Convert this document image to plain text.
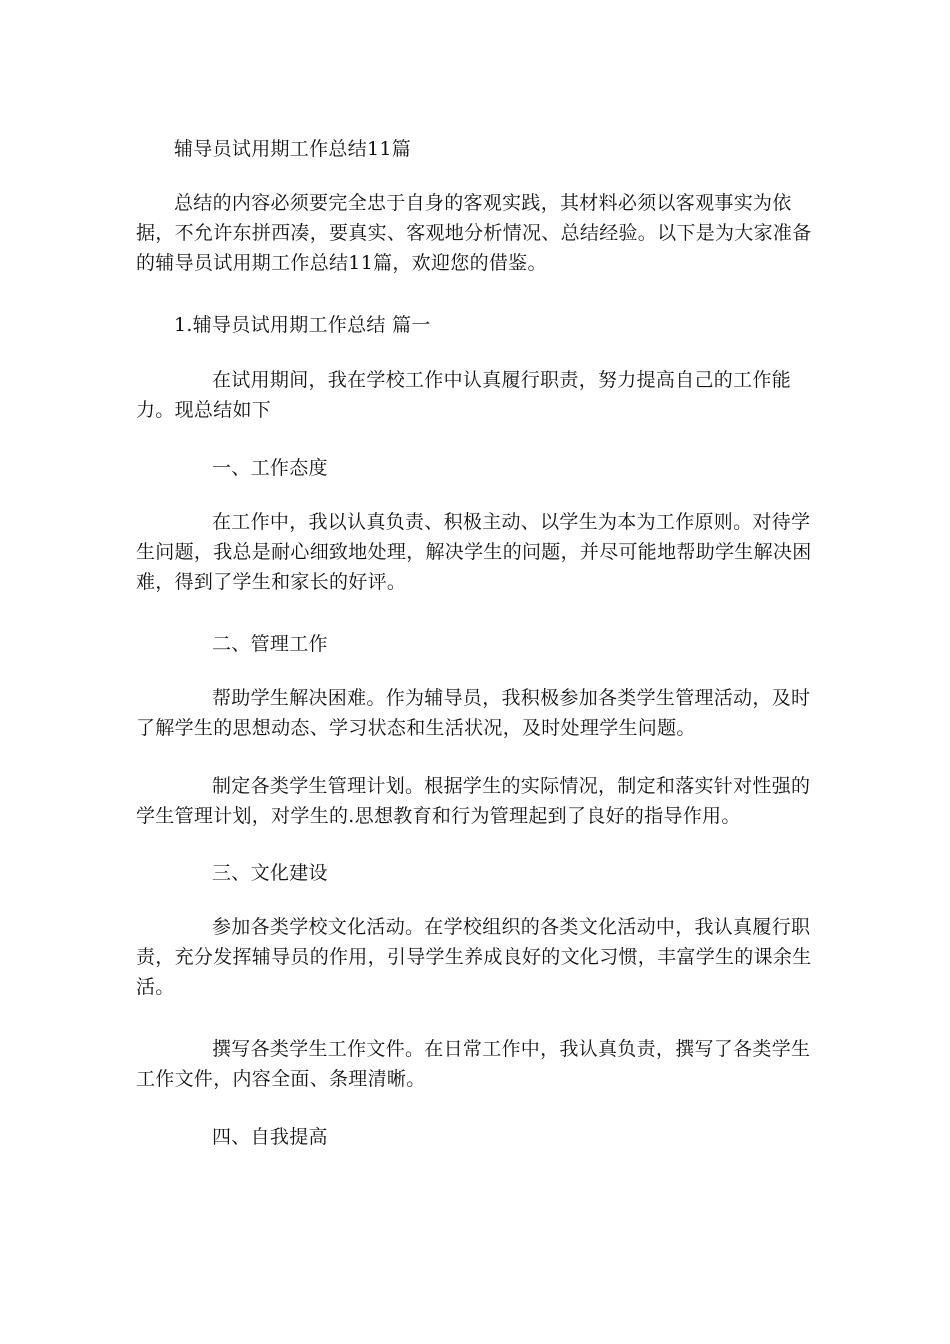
辅导员试用期工作总结11篇

总结的内容必须要完全忠于自身的客观实践，其材料必须以客观事实为依据，不允许东拼西凑，要真实、客观地分析情况、总结经验。以下是为大家准备的辅导员试用期工作总结11篇，欢迎您的借鉴。

1.辅导员试用期工作总结 篇一

在试用期间，我在学校工作中认真履行职责，努力提高自己的工作能力。现总结如下

一、工作态度

在工作中，我以认真负责、积极主动、以学生为本为工作原则。对待学生问题，我总是耐心细致地处理，解决学生的问题，并尽可能地帮助学生解决困难，得到了学生和家长的好评。

二、管理工作

帮助学生解决困难。作为辅导员，我积极参加各类学生管理活动，及时了解学生的思想动态、学习状态和生活状况，及时处理学生问题。

制定各类学生管理计划。根据学生的实际情况，制定和落实针对性强的学生管理计划，对学生的.思想教育和行为管理起到了良好的指导作用。

三、文化建设

参加各类学校文化活动。在学校组织的各类文化活动中，我认真履行职责，充分发挥辅导员的作用，引导学生养成良好的文化习惯，丰富学生的课余生活。

撰写各类学生工作文件。在日常工作中，我认真负责，撰写了各类学生工作文件，内容全面、条理清晰。

四、自我提高
